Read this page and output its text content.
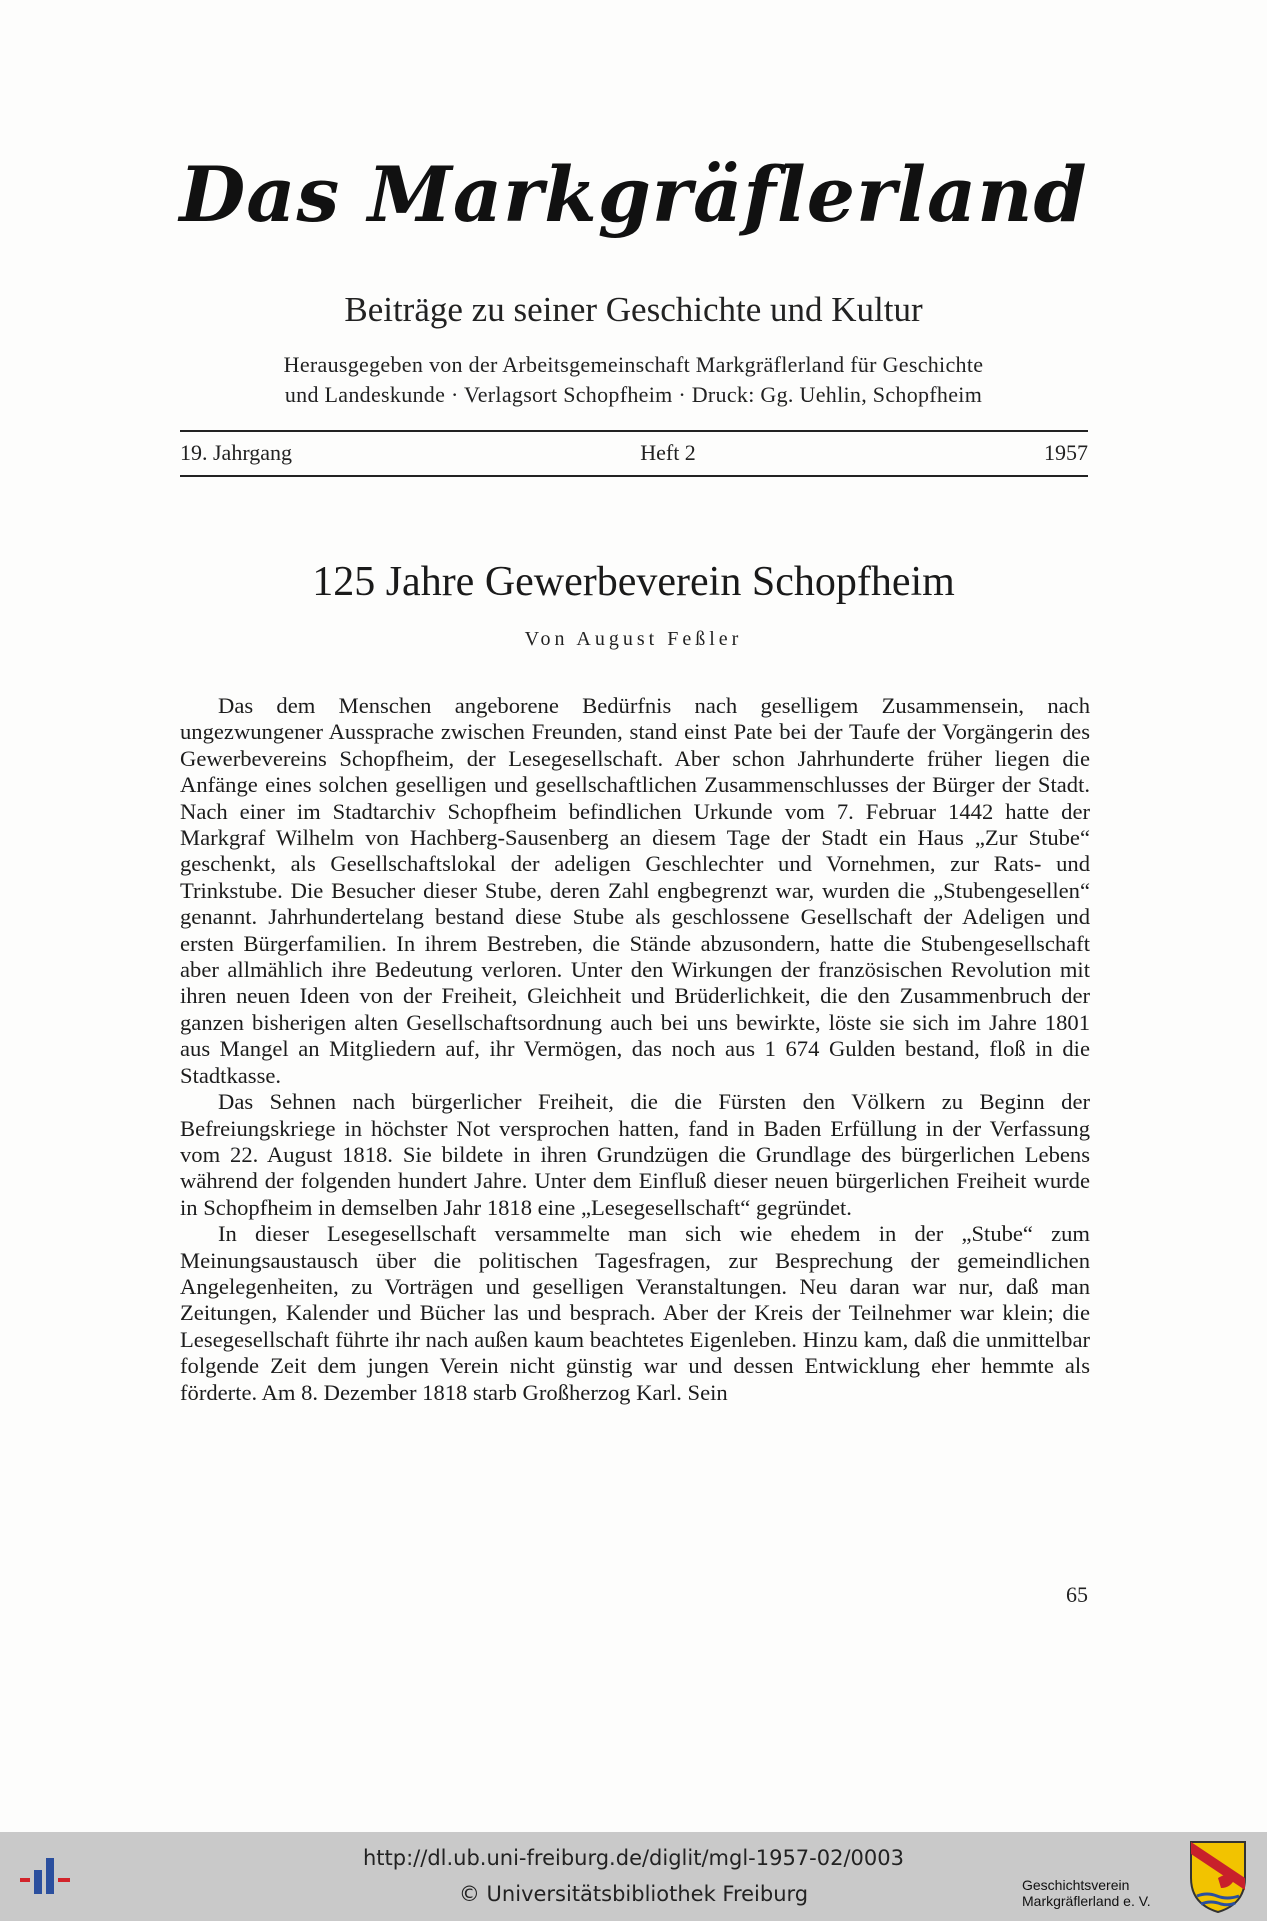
Das Markgräflerland
Beiträge zu seiner Geschichte und Kultur
Herausgegeben von der Arbeitsgemeinschaft Markgräflerland für Geschichte
und Landeskunde · Verlagsort Schopfheim · Druck: Gg. Uehlin, Schopfheim
19. Jahrgang	Heft 2	1957
125 Jahre Gewerbeverein Schopfheim
Von August Feßler

Das dem Menschen angeborene Bedürfnis nach geselligem Zusammensein, nach ungezwungener Aussprache zwischen Freunden, stand einst Pate bei der Taufe der Vorgängerin des Gewerbevereins Schopfheim, der Lesegesellschaft. Aber schon Jahrhunderte früher liegen die Anfänge eines solchen geselligen und gesellschaftlichen Zusammenschlusses der Bürger der Stadt. Nach einer im Stadtarchiv Schopfheim befindlichen Urkunde vom 7. Februar 1442 hatte der Markgraf Wilhelm von Hachberg-Sausenberg an diesem Tage der Stadt ein Haus „Zur Stube“ geschenkt, als Gesellschaftslokal der adeligen Geschlechter und Vornehmen, zur Rats- und Trinkstube. Die Besucher dieser Stube, deren Zahl engbegrenzt war, wurden die „Stubengesellen“ genannt. Jahrhundertelang bestand diese Stube als geschlossene Gesellschaft der Adeligen und ersten Bürgerfamilien. In ihrem Bestreben, die Stände abzusondern, hatte die Stubengesellschaft aber allmählich ihre Bedeutung verloren. Unter den Wirkungen der französischen Revolution mit ihren neuen Ideen von der Freiheit, Gleichheit und Brüderlichkeit, die den Zusammenbruch der ganzen bisherigen alten Gesellschaftsordnung auch bei uns bewirkte, löste sie sich im Jahre 1801 aus Mangel an Mitgliedern auf, ihr Vermögen, das noch aus 1 674 Gulden bestand, floß in die Stadtkasse.

Das Sehnen nach bürgerlicher Freiheit, die die Fürsten den Völkern zu Beginn der Befreiungskriege in höchster Not versprochen hatten, fand in Baden Erfüllung in der Verfassung vom 22. August 1818. Sie bildete in ihren Grundzügen die Grundlage des bürgerlichen Lebens während der folgenden hundert Jahre. Unter dem Einfluß dieser neuen bürgerlichen Freiheit wurde in Schopfheim in demselben Jahr 1818 eine „Lesegesellschaft“ gegründet.

In dieser Lesegesellschaft versammelte man sich wie ehedem in der „Stube“ zum Meinungsaustausch über die politischen Tagesfragen, zur Besprechung der gemeindlichen Angelegenheiten, zu Vorträgen und geselligen Veranstaltungen. Neu daran war nur, daß man Zeitungen, Kalender und Bücher las und besprach. Aber der Kreis der Teilnehmer war klein; die Lesegesellschaft führte ihr nach außen kaum beachtetes Eigenleben. Hinzu kam, daß die unmittelbar folgende Zeit dem jungen Verein nicht günstig war und dessen Entwicklung eher hemmte als förderte. Am 8. Dezember 1818 starb Großherzog Karl. Sein

65
http://dl.ub.uni-freiburg.de/diglit/mgl-1957-02/0003
© Universitätsbibliothek Freiburg	Geschichtsverein
Markgräflerland e. V.
